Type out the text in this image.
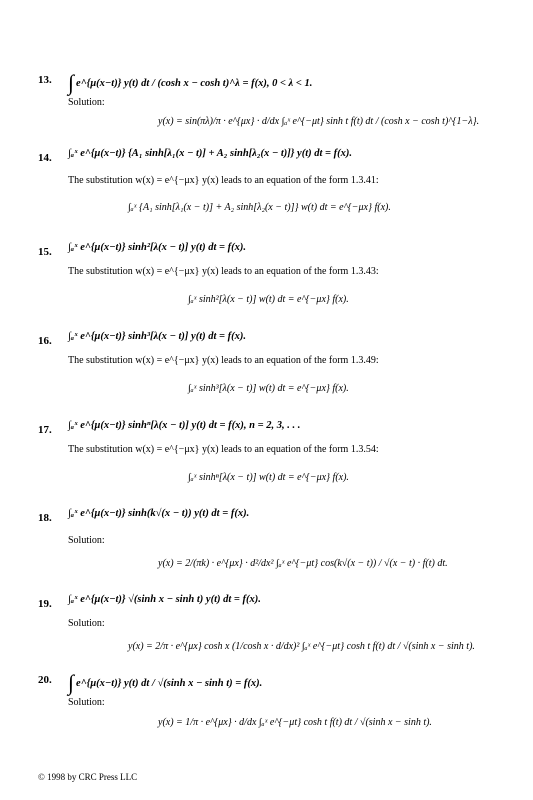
13. ∫ e^{μ(x−t)} y(t) dt / (cosh x − cosh t)^λ = f(x), 0 < λ < 1.
Solution:
y(x) = sin(πλ)/π · e^{μx} · d/dx ∫ₐˣ e^{−μt} sinh t f(t) dt / (cosh x − cosh t)^{1−λ}.
14. ∫ₐˣ e^{μ(x−t)} {A₁ sinh[λ₁(x − t)] + A₂ sinh[λ₂(x − t)]} y(t) dt = f(x).
The substitution w(x) = e^{−μx} y(x) leads to an equation of the form 1.3.41:
∫ₐˣ {A₁ sinh[λ₁(x − t)] + A₂ sinh[λ₂(x − t)]} w(t) dt = e^{−μx} f(x).
15. ∫ₐˣ e^{μ(x−t)} sinh²[λ(x − t)] y(t) dt = f(x).
The substitution w(x) = e^{−μx} y(x) leads to an equation of the form 1.3.43:
∫ₐˣ sinh²[λ(x − t)] w(t) dt = e^{−μx} f(x).
16. ∫ₐˣ e^{μ(x−t)} sinh³[λ(x − t)] y(t) dt = f(x).
The substitution w(x) = e^{−μx} y(x) leads to an equation of the form 1.3.49:
∫ₐˣ sinh³[λ(x − t)] w(t) dt = e^{−μx} f(x).
17. ∫ₐˣ e^{μ(x−t)} sinhⁿ[λ(x − t)] y(t) dt = f(x), n = 2, 3, . . .
The substitution w(x) = e^{−μx} y(x) leads to an equation of the form 1.3.54:
∫ₐˣ sinhⁿ[λ(x − t)] w(t) dt = e^{−μx} f(x).
18. ∫ₐˣ e^{μ(x−t)} sinh(k√(x − t)) y(t) dt = f(x).
Solution:
y(x) = 2/(πk) · e^{μx} · d²/dx² ∫ₐˣ e^{−μt} cos(k√(x − t)) / √(x − t) · f(t) dt.
19. ∫ₐˣ e^{μ(x−t)} √(sinh x − sinh t) y(t) dt = f(x).
Solution:
y(x) = 2/π · e^{μx} cosh x (1/cosh x · d/dx)² ∫ₐˣ e^{−μt} cosh t f(t) dt / √(sinh x − sinh t).
20. ∫ e^{μ(x−t)} y(t) dt / √(sinh x − sinh t) = f(x).
Solution:
y(x) = 1/π · e^{μx} · d/dx ∫ₐˣ e^{−μt} cosh t f(t) dt / √(sinh x − sinh t).
© 1998 by CRC Press LLC
